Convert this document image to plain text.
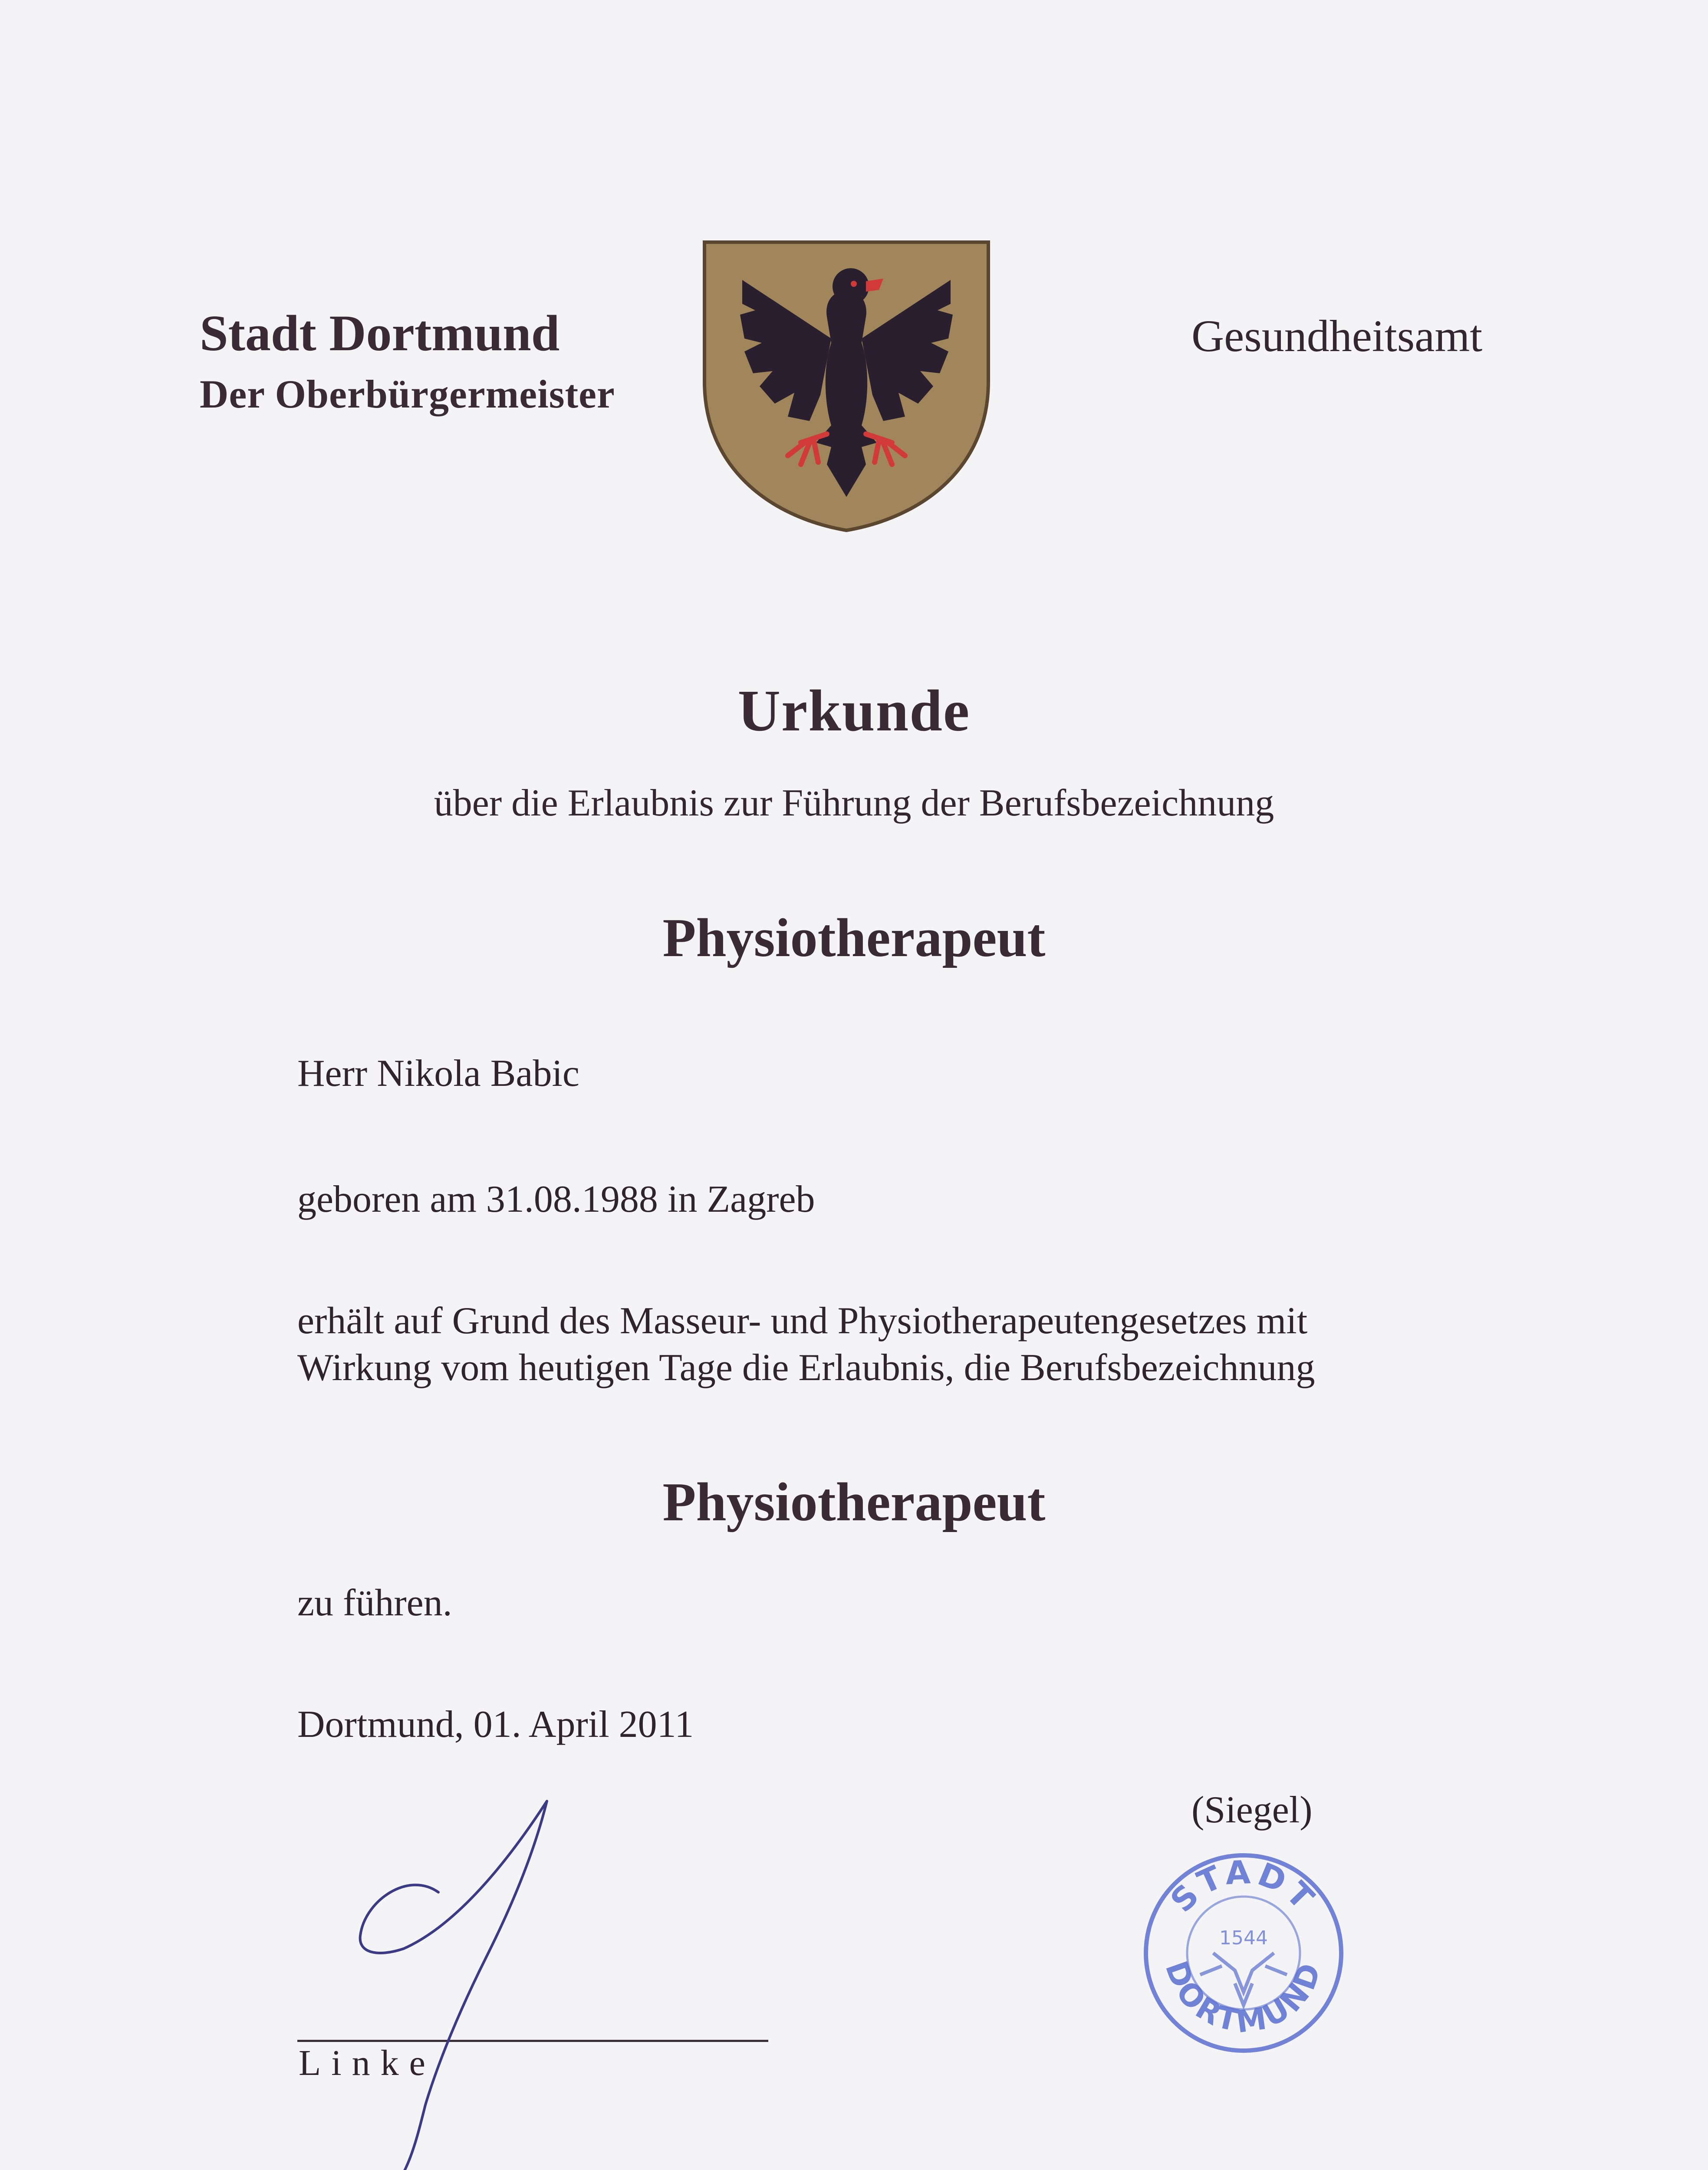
Stadt Dortmund
Der Oberbürgermeister
Gesundheitsamt
Urkunde
über die Erlaubnis zur Führung der Berufsbezeichnung
Physiotherapeut
Herr Nikola Babic
geboren am 31.08.1988 in Zagreb
erhält auf Grund des Masseur- und Physiotherapeutengesetzes mit
Wirkung vom heutigen Tage die Erlaubnis, die Berufsbezeichnung
Physiotherapeut
zu führen.
Dortmund, 01. April 2011
(Siegel)
STADT
DORTMUND
1544
Linke
